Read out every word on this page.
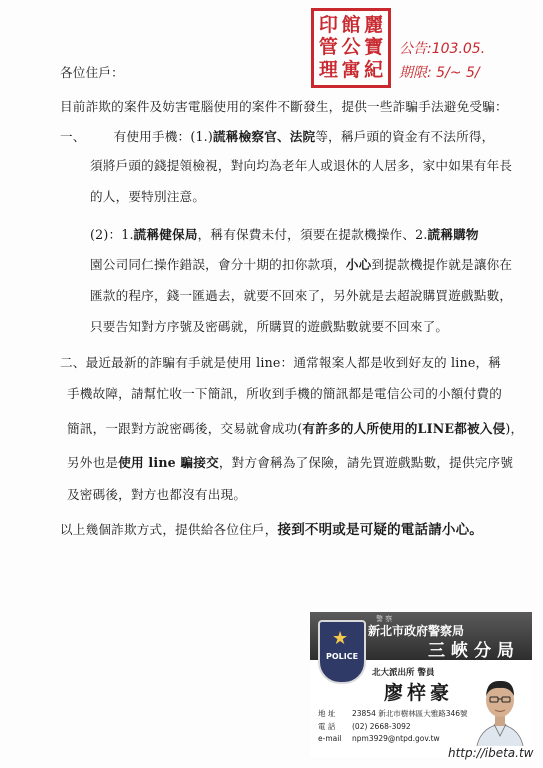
印 館 麗
管 公 寶
理 寓 紀
公告:103.05.
期限: 5/~ 5/
各位住戶：
目前詐欺的案件及妨害電腦使用的案件不斷發生，提供一些詐騙手法避免受騙：
一、 有使用手機：(1.)謊稱檢察官、法院等，稱戶頭的資金有不法所得，
須將戶頭的錢提領檢視，對向均為老年人或退休的人居多，家中如果有年長
的人，要特別注意。
(2)：1.謊稱健保局，稱有保費未付，須要在提款機操作、2.謊稱購物
園公司同仁操作錯誤，會分十期的扣你款項，小心到提款機提作就是讓你在
匯款的程序，錢一匯過去，就要不回來了，另外就是去超說購買遊戲點數，
只要告知對方序號及密碼就，所購買的遊戲點數就要不回來了。
二、最近最新的詐騙有手就是使用 line：通常報案人都是收到好友的 line，稱
手機故障，請幫忙收一下簡訊，所收到手機的簡訊都是電信公司的小額付費的
簡訊，一跟對方說密碼後，交易就會成功(有許多的人所使用的LINE都被入侵)，
另外也是使用 line 騙接交，對方會稱為了保險，請先買遊戲點數，提供完序號
及密碼後，對方也都沒有出現。
以上幾個詐欺方式，提供給各位住戶，接到不明或是可疑的電話請小心。
警 察
新北市政府警察局
三峽分局
★
POLICE
北大派出所 警員
廖梓豪
地 址 23854 新北市樹林區大雅路346號
電 話 (02) 2668-3092
e-mail npm3929@ntpd.gov.tw
http://ibeta.tw
